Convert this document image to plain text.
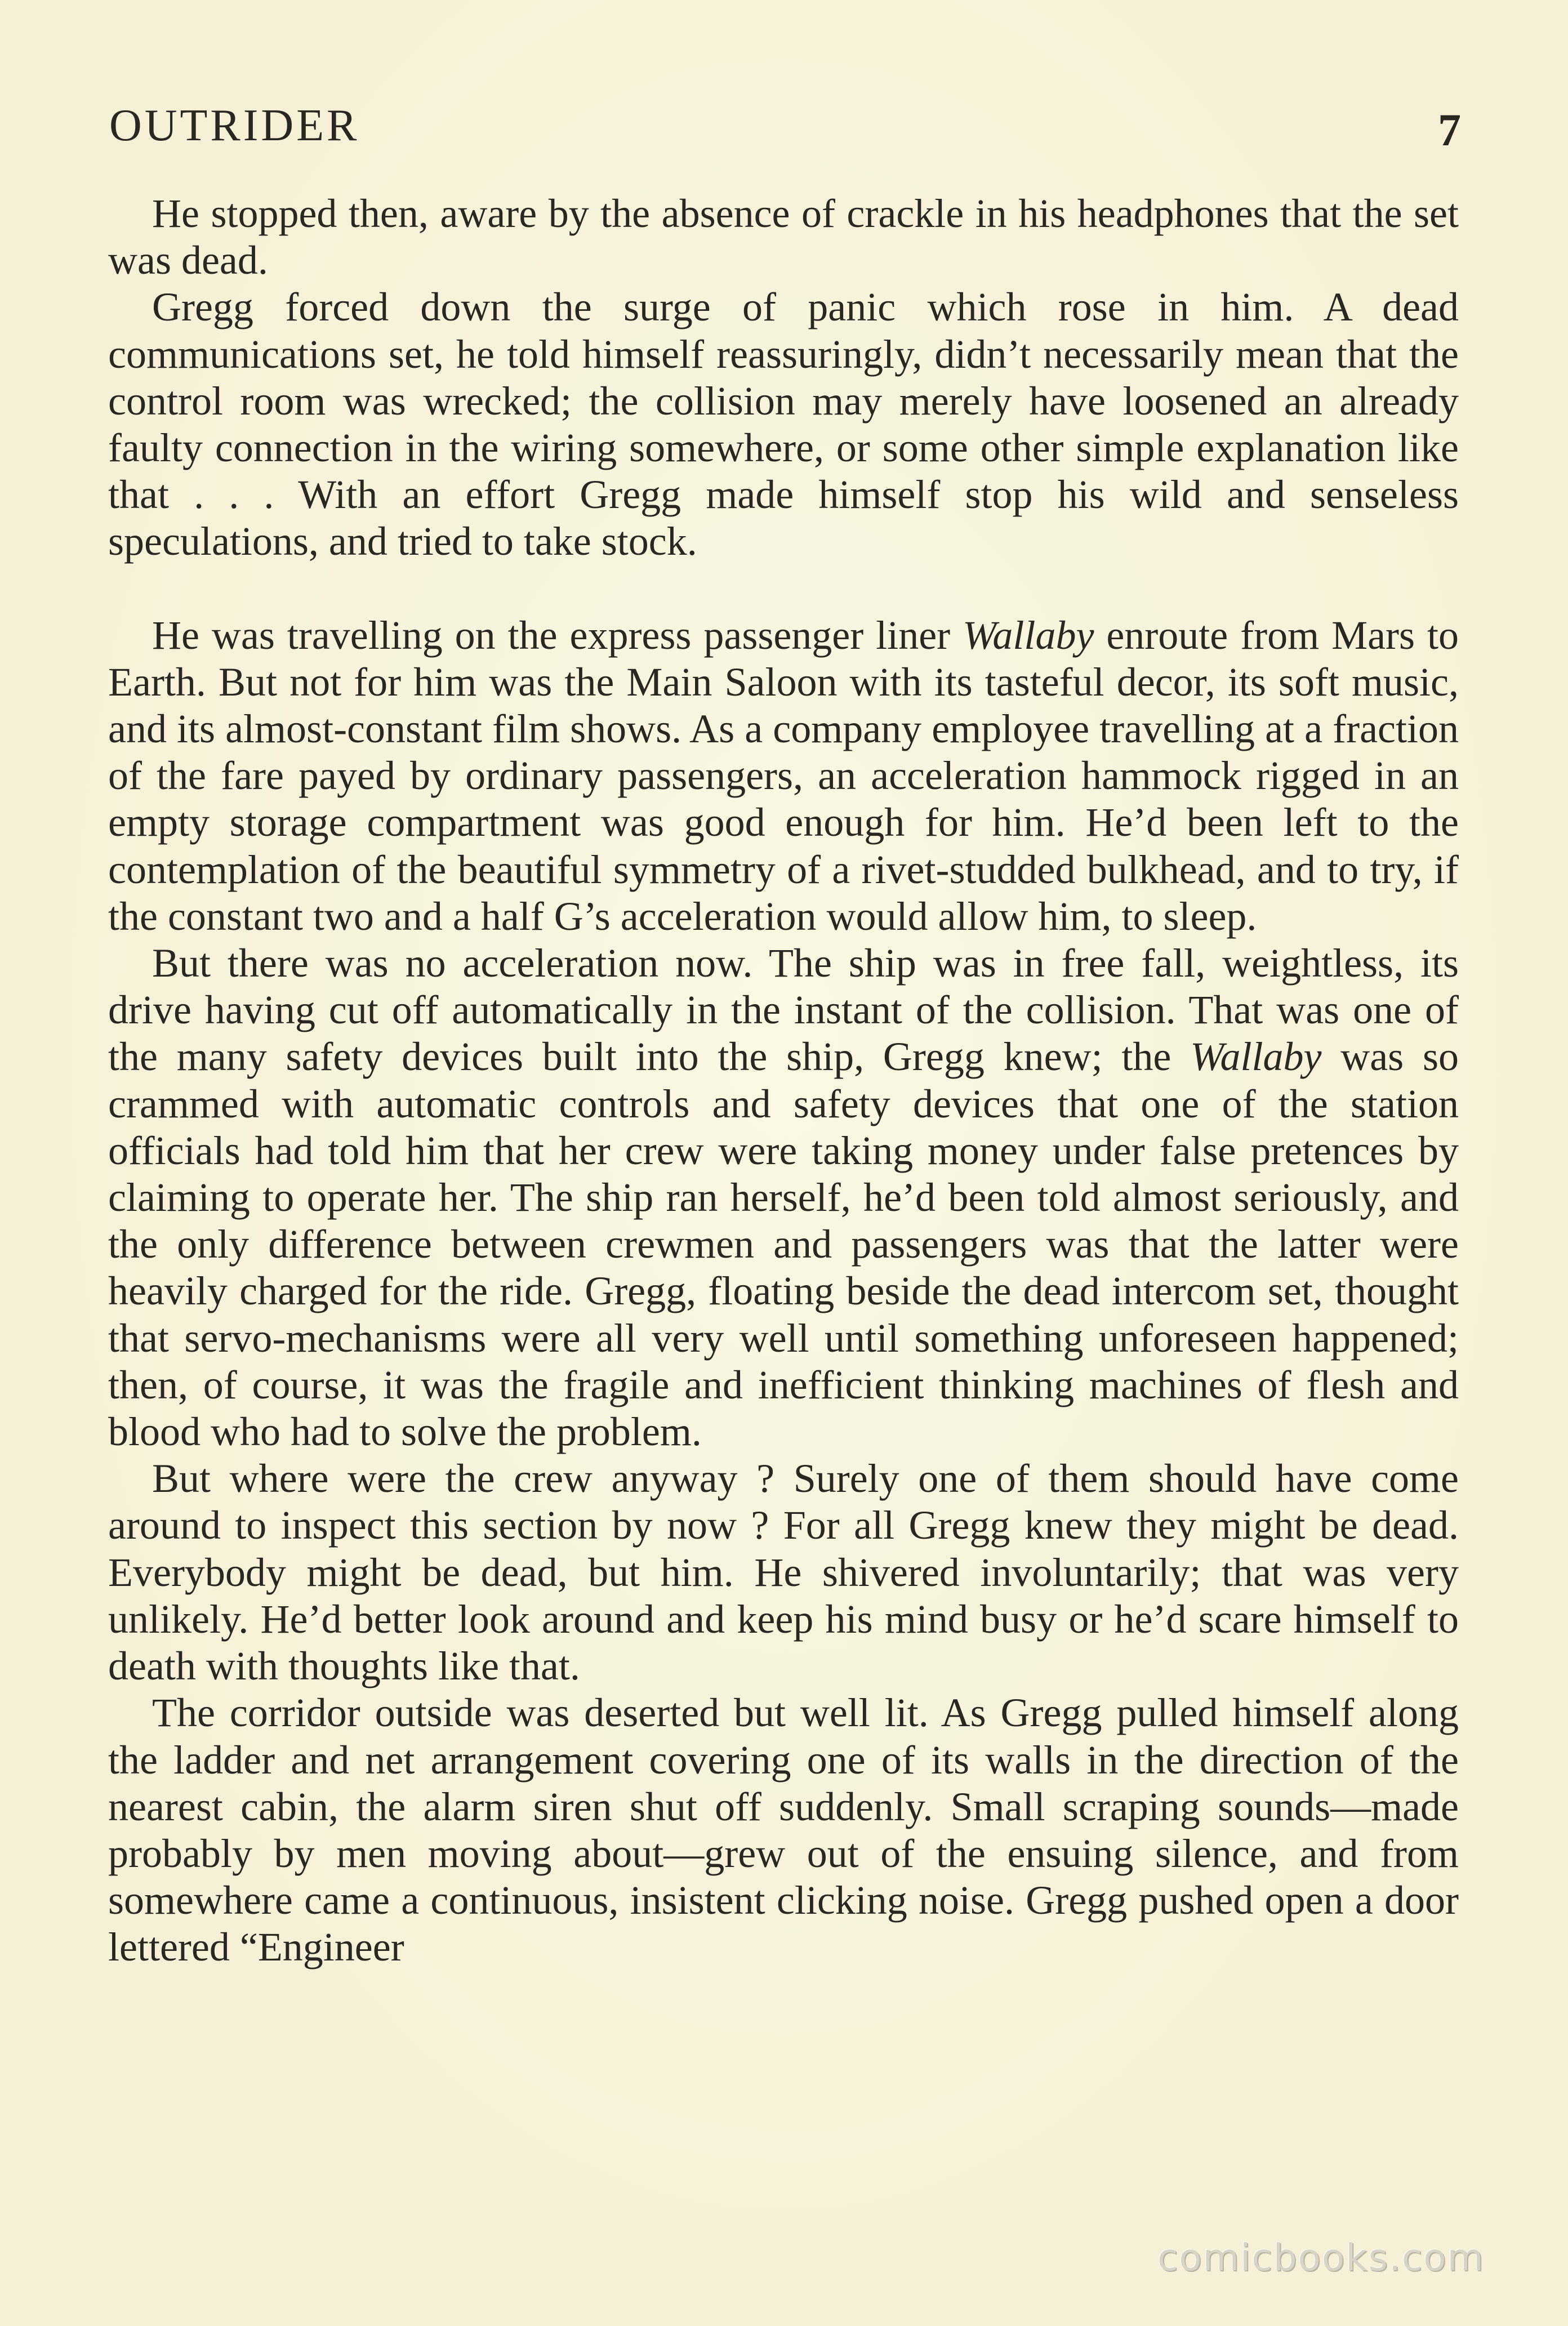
OUTRIDER	7

He stopped then, aware by the absence of crackle in his headphones that the set was dead.

Gregg forced down the surge of panic which rose in him. A dead communications set, he told himself reassuringly, didn’t necessarily mean that the control room was wrecked; the collision may merely have loosened an already faulty connection in the wiring somewhere, or some other simple explanation like that . . . With an effort Gregg made himself stop his wild and senseless speculations, and tried to take stock.

He was travelling on the express passenger liner Wallaby enroute from Mars to Earth. But not for him was the Main Saloon with its tasteful decor, its soft music, and its almost-constant film shows. As a company employee travelling at a fraction of the fare payed by ordinary passengers, an acceleration hammock rigged in an empty storage compartment was good enough for him. He’d been left to the contemplation of the beautiful symmetry of a rivet-studded bulkhead, and to try, if the constant two and a half G’s acceleration would allow him, to sleep.

But there was no acceleration now. The ship was in free fall, weightless, its drive having cut off automatically in the instant of the collision. That was one of the many safety devices built into the ship, Gregg knew; the Wallaby was so crammed with automatic controls and safety devices that one of the station officials had told him that her crew were taking money under false pretences by claiming to operate her. The ship ran herself, he’d been told almost seriously, and the only difference between crewmen and passengers was that the latter were heavily charged for the ride. Gregg, floating beside the dead intercom set, thought that servo-mechanisms were all very well until something unforeseen happened; then, of course, it was the fragile and inefficient thinking machines of flesh and blood who had to solve the problem.

But where were the crew anyway ? Surely one of them should have come around to inspect this section by now ? For all Gregg knew they might be dead. Everybody might be dead, but him. He shivered involuntarily; that was very unlikely. He’d better look around and keep his mind busy or he’d scare himself to death with thoughts like that.

The corridor outside was deserted but well lit. As Gregg pulled himself along the ladder and net arrangement covering one of its walls in the direction of the nearest cabin, the alarm siren shut off suddenly. Small scraping sounds—made probably by men moving about—grew out of the ensuing silence, and from somewhere came a continuous, insistent clicking noise. Gregg pushed open a door lettered “Engineer

comicbooks.com
